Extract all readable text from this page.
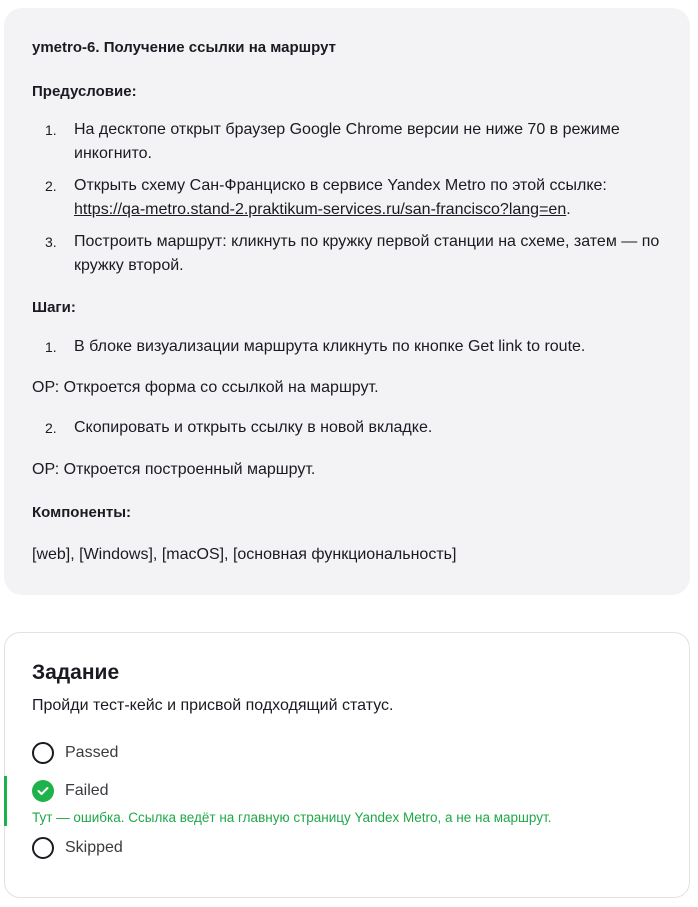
ymetro-6. Получение ссылки на маршрут
Предусловие:
1. На десктопе открыт браузер Google Chrome версии не ниже 70 в режиме инкогнито.
2. Открыть схему Сан-Франциско в сервисе Yandex Metro по этой ссылке:
https://qa-metro.stand-2.praktikum-services.ru/san-francisco?lang=en.
3. Построить маршрут: кликнуть по кружку первой станции на схеме, затем — по кружку второй.
Шаги:
1. В блоке визуализации маршрута кликнуть по кнопке Get link to route.
ОР: Откроется форма со ссылкой на маршрут.
2. Скопировать и открыть ссылку в новой вкладке.
ОР: Откроется построенный маршрут.
Компоненты:
[web], [Windows], [macOS], [основная функциональность]
Задание
Пройди тест-кейс и присвой подходящий статус.
Passed
Failed
Тут — ошибка. Ссылка ведёт на главную страницу Yandex Metro, а не на маршрут.
Skipped
